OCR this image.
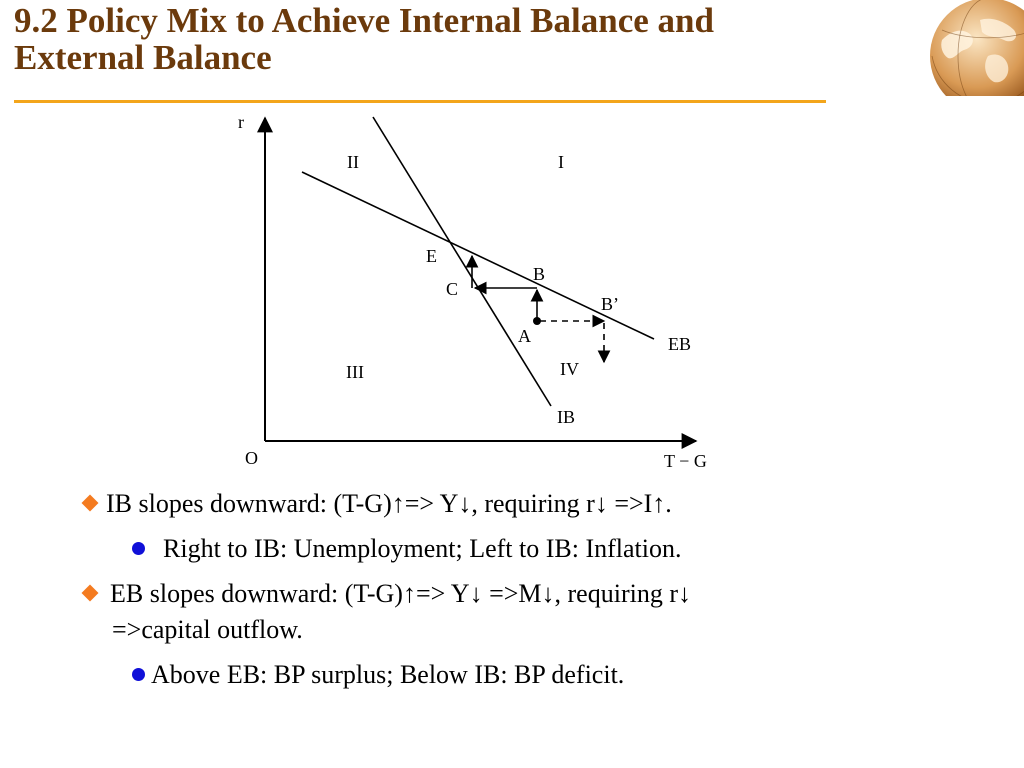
9.2 Policy Mix to Achieve Internal Balance and
External Balance
r
T − G
O
IB
EB
II	I
III	IV
E
C
B
B’
A
IB slopes downward: (T-G)↑=> Y↓, requiring r↓ =>I↑.
Right to IB: Unemployment; Left to IB: Inflation.
EB slopes downward: (T-G)↑=> Y↓ =>M↓, requiring r↓
=>capital outflow.
Above EB: BP surplus; Below IB: BP deficit.
